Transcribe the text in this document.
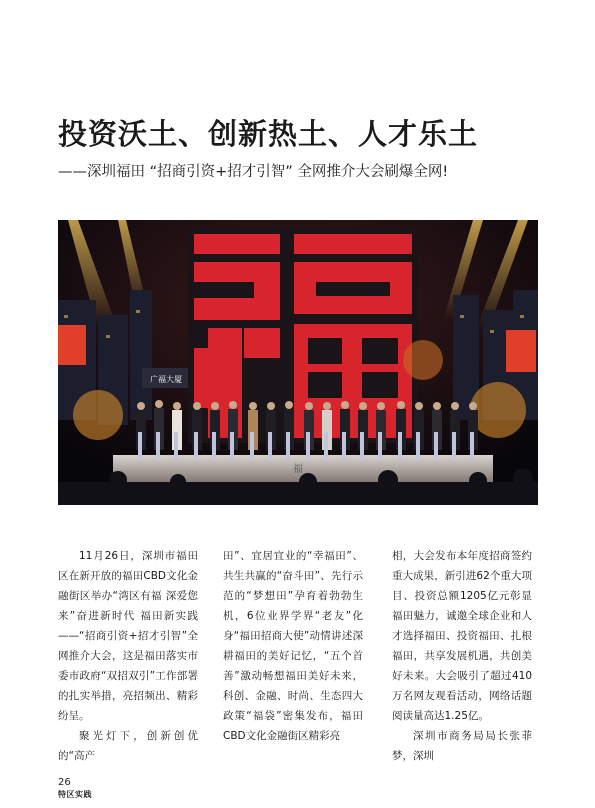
投资沃土、创新热土、人才乐土
——深圳福田 “招商引资+招才引智” 全网推介大会刷爆全网!
广福大厦
福

11月26日，深圳市福田区在新开放的福田CBD文化金融街区举办“湾区有福 深爱您来”奋进新时代 福田新实践——“招商引资+招才引智”全网推介大会，这是福田落实市委市政府“双招双引”工作部署的扎实举措，亮招频出、精彩纷呈。

聚光灯下，创新创优的“高产

田”、宜居宜业的“幸福田”、共生共赢的“奋斗田”、先行示范的“梦想田”孕育着勃勃生机，6位业界学界“老友”化身“福田招商大使”动情讲述深耕福田的美好记忆，“五个首善”激动畅想福田美好未来，科创、金融、时尚、生态四大政策“福袋”密集发布，福田CBD文化金融街区精彩亮

相，大会发布本年度招商签约重大成果，新引进62个重大项目、投资总额1205亿元彰显福田魅力，诚邀全球企业和人才选择福田、投资福田、扎根福田，共享发展机遇，共创美好未来。大会吸引了超过410万名网友观看活动，网络话题阅读量高达1.25亿。

深圳市商务局局长张菲梦，深圳

26
特区实践
